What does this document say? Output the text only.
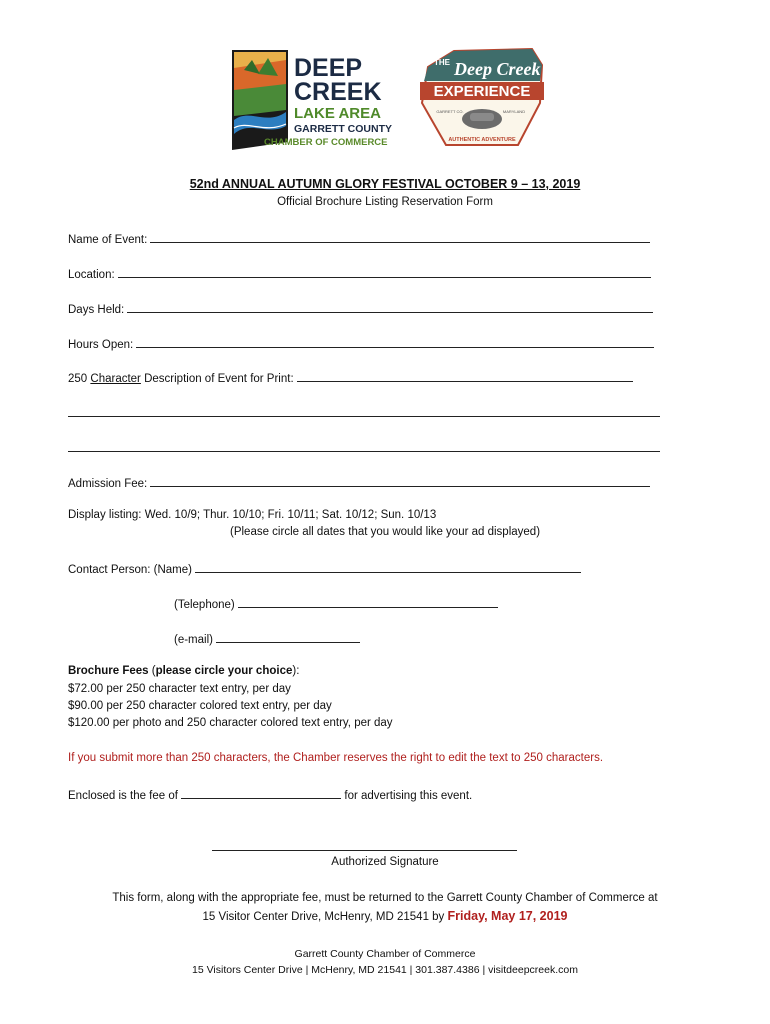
DEEP
CREEK
LAKE AREA
GARRETT COUNTY
CHAMBER OF COMMERCE
THE Deep Creek
EXPERIENCE
GARRETT CO.	MARYLAND
AUTHENTIC ADVENTURE
52nd ANNUAL AUTUMN GLORY FESTIVAL OCTOBER 9 – 13, 2019
Official Brochure Listing Reservation Form
Name of Event:
Location:
Days Held:
Hours Open:
250 Character Description of Event for Print:
Admission Fee:
Display listing: Wed. 10/9; Thur. 10/10; Fri. 10/11; Sat. 10/12; Sun. 10/13
(Please circle all dates that you would like your ad displayed)
Contact Person: (Name)
(Telephone)
(e-mail)
Brochure Fees (please circle your choice):
$72.00 per 250 character text entry, per day
$90.00 per 250 character colored text entry, per day
$120.00 per photo and 250 character colored text entry, per day
If you submit more than 250 characters, the Chamber reserves the right to edit the text to 250 characters.
Enclosed is the fee of	for advertising this event.
Authorized Signature
This form, along with the appropriate fee, must be returned to the Garrett County Chamber of Commerce at
15 Visitor Center Drive, McHenry, MD 21541 by Friday, May 17, 2019
Garrett County Chamber of Commerce
15 Visitors Center Drive | McHenry, MD 21541 | 301.387.4386 | visitdeepcreek.com
